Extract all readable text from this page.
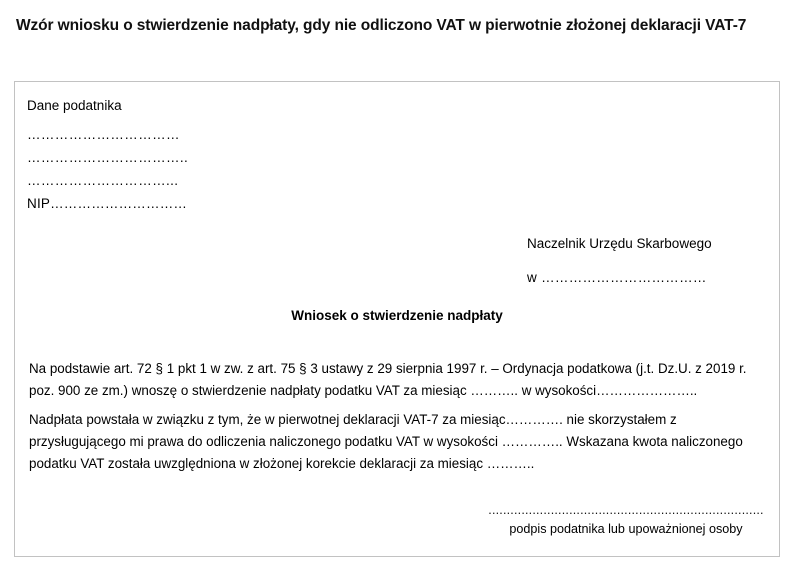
Wzór wniosku o stwierdzenie nadpłaty, gdy nie odliczono VAT w pierwotnie złożonej deklaracji VAT-7
Dane podatnika
……………………………
……………………………..
…………………………...
NIP…………………………
Naczelnik Urzędu Skarbowego
w ………………………………
Wniosek o stwierdzenie nadpłaty

Na podstawie art. 72 § 1 pkt 1 w zw. z art. 75 § 3 ustawy z 29 sierpnia 1997 r. – Ordynacja podatkowa (j.t. Dz.U. z 2019 r. poz. 900 ze zm.) wnoszę o stwierdzenie nadpłaty podatku VAT za miesiąc ……….. w wysokości…………………..

Nadpłata powstała w związku z tym, że w pierwotnej deklaracji VAT-7 za miesiąc…………. nie skorzystałem z przysługującego mi prawa do odliczenia naliczonego podatku VAT w wysokości ………….. Wskazana kwota naliczonego podatku VAT została uwzględniona w złożonej korekcie deklaracji za miesiąc ………..

...........................................................................
podpis podatnika lub upoważnionej osoby
